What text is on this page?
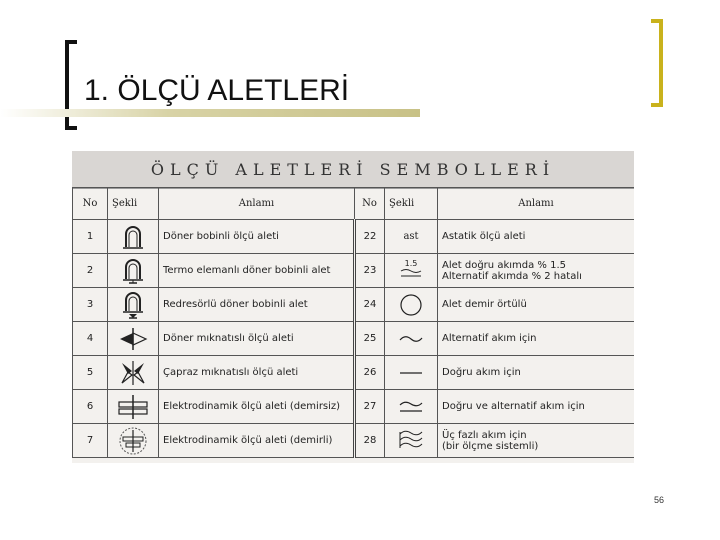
1. ÖLÇÜ ALETLERİ
ÖLÇÜ ALETLERİ SEMBOLLERİ
No	Şekli	Anlamı	No	Şekli	Anlamı
1		Döner bobinli ölçü aleti	22	ast	Astatik ölçü aleti
2		Termo elemanlı döner bobinli alet	23	1.5	Alet doğru akımda % 1.5
Alternatif akımda % 2 hatalı

3		Redresörlü döner bobinli alet	24		Alet demir örtülü
4		Döner mıknatıslı ölçü aleti	25		Alternatif akım için
5		Çapraz mıknatıslı ölçü aleti	26		Doğru akım için
6		Elektrodinamik ölçü aleti (demirsiz)	27		Doğru ve alternatif akım için
7		Elektrodinamik ölçü aleti (demirli)	28		Üç fazlı akım için
(bir ölçme sistemli)
56
